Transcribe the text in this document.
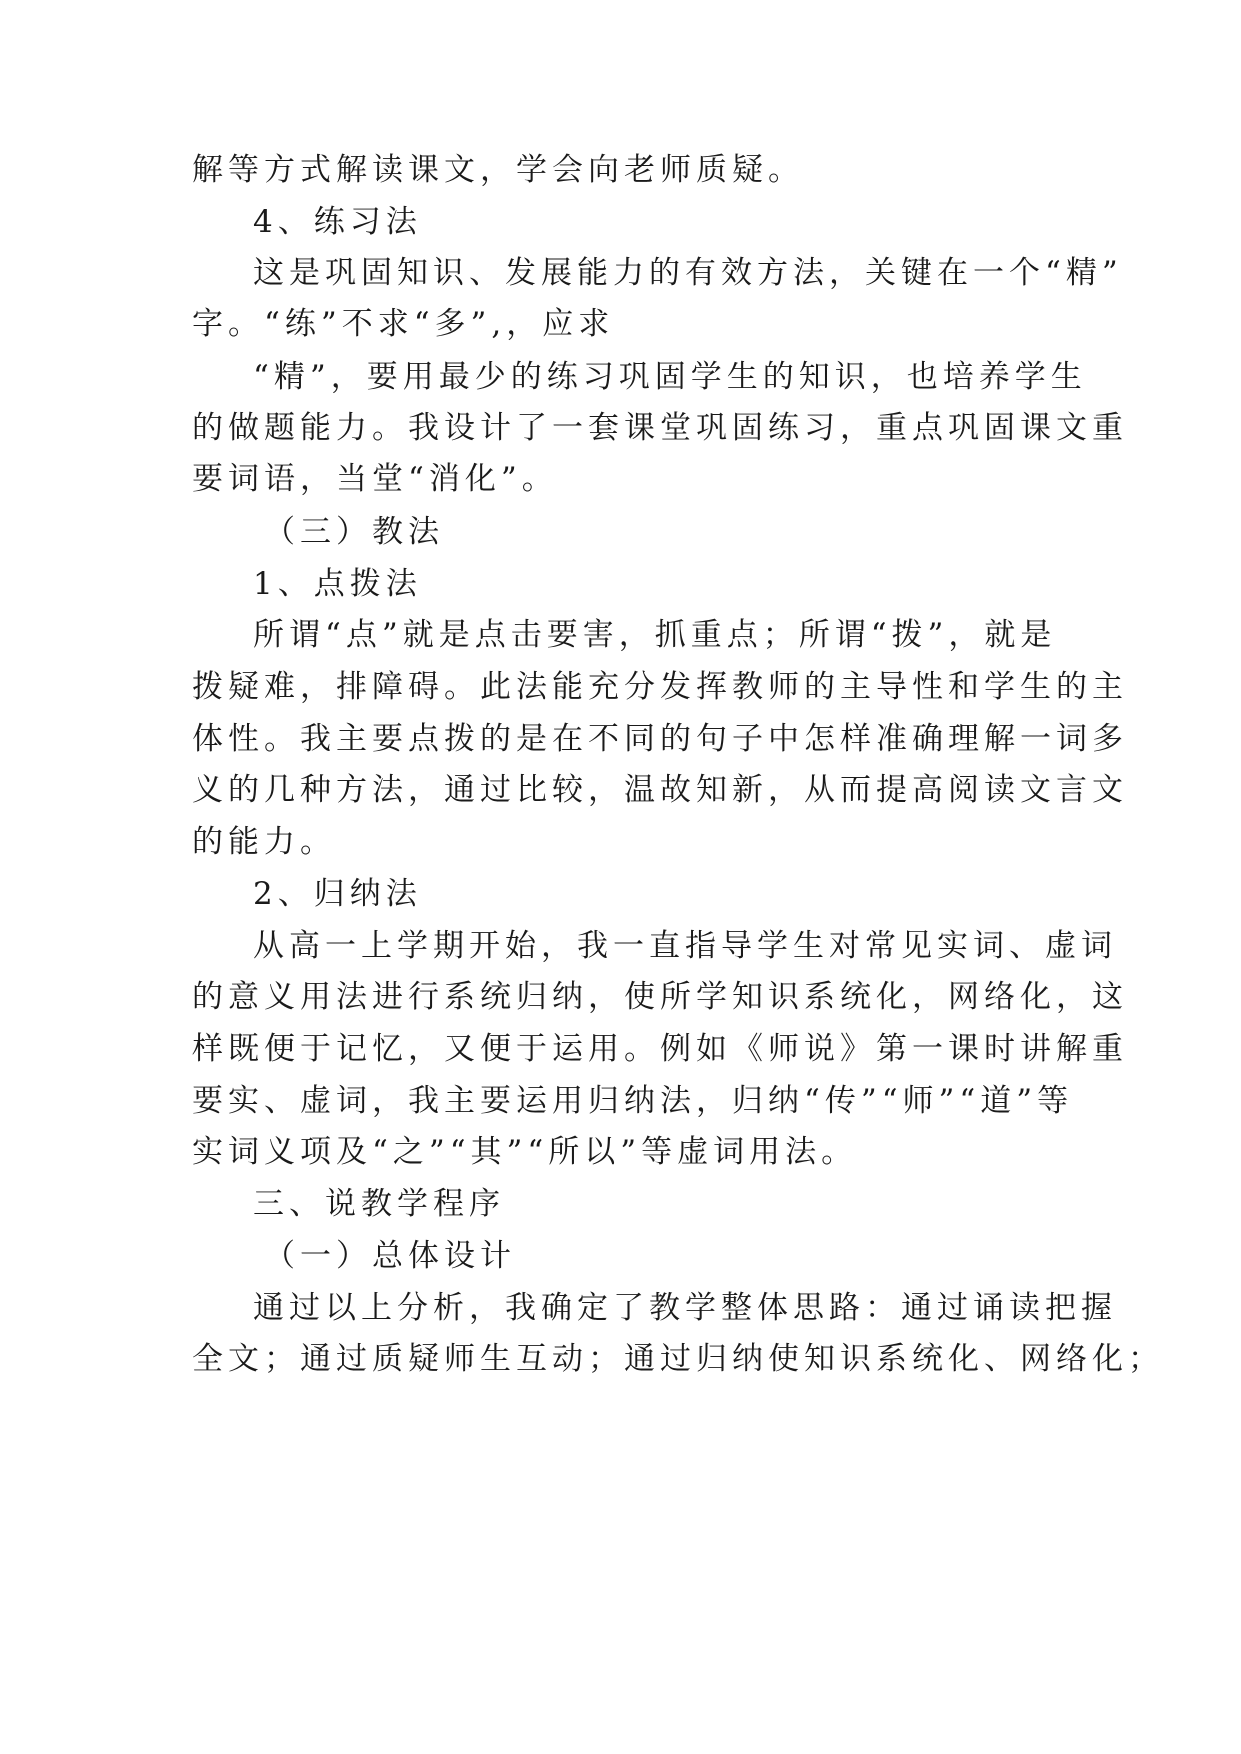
解等方式解读课文，学会向老师质疑。
4、练习法
这是巩固知识、发展能力的有效方法，关键在一个“精”
字。“练”不求“多”,，应求
“精”，要用最少的练习巩固学生的知识，也培养学生
的做题能力。我设计了一套课堂巩固练习，重点巩固课文重
要词语，当堂“消化”。
（三）教法
1、点拨法
所谓“点”就是点击要害，抓重点；所谓“拨”，就是
拨疑难，排障碍。此法能充分发挥教师的主导性和学生的主
体性。我主要点拨的是在不同的句子中怎样准确理解一词多
义的几种方法，通过比较，温故知新，从而提高阅读文言文
的能力。
2、归纳法
从高一上学期开始，我一直指导学生对常见实词、虚词
的意义用法进行系统归纳，使所学知识系统化，网络化，这
样既便于记忆，又便于运用。例如《师说》第一课时讲解重
要实、虚词，我主要运用归纳法，归纳“传”“师”“道”等
实词义项及“之”“其”“所以”等虚词用法。
三、说教学程序
（一）总体设计
通过以上分析，我确定了教学整体思路：通过诵读把握
全文；通过质疑师生互动；通过归纳使知识系统化、网络化；
